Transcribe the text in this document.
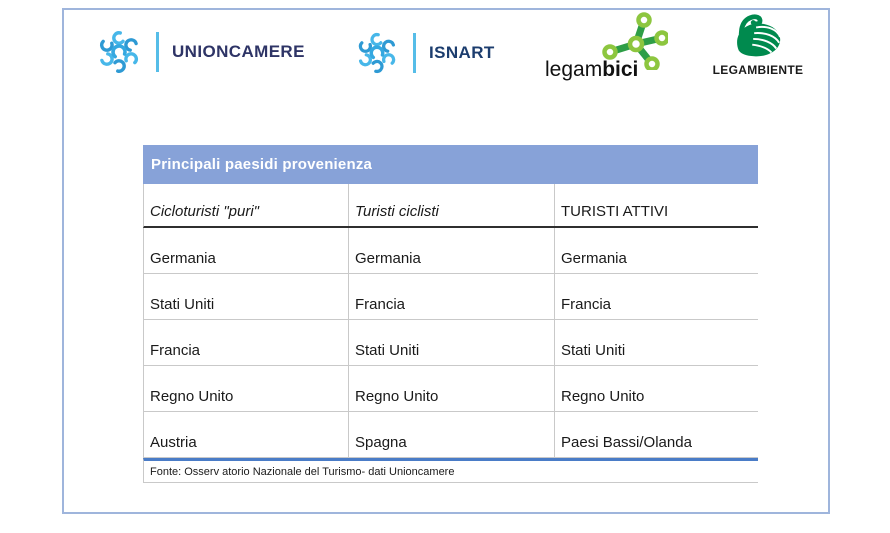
UNIONCAMERE	ISNART
legambici	LEGAMBIENTE
Principali paesidi provenienza
Cicloturisti "puri"	Turisti ciclisti	TURISTI ATTIVI
Germania	Germania	Germania
Stati Uniti	Francia	Francia
Francia	Stati Uniti	Stati Uniti
Regno Unito	Regno Unito	Regno Unito
Austria	Spagna	Paesi Bassi/Olanda
Fonte: Osserv atorio Nazionale del Turismo- dati Unioncamere
